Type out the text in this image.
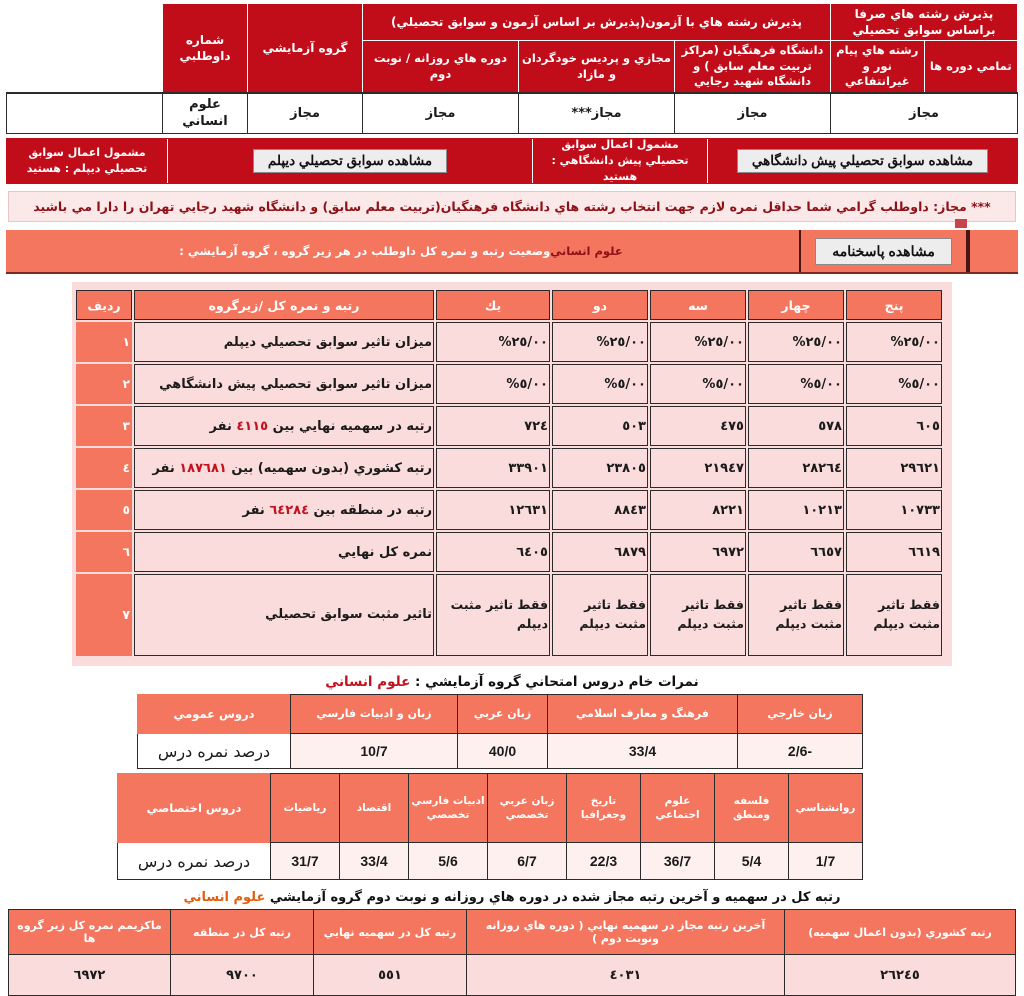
پذيرش رشته هاي صرفا براساس سوابق تحصيلي		پذيرش رشته هاي با آزمون(پذيرش بر اساس آزمون و سوابق تحصيلي)			گروه آزمايشي	شماره داوطلبي	
تمامي دوره ها	رشته هاي پيام نور و غيرانتفاعي	دانشگاه فرهنگيان (مراكز تربيت معلم سابق ) و دانشگاه شهيد رجايي	مجازي و پرديس خودگردان و مازاد	دوره هاي روزانه / نوبت دوم			
مجاز		مجاز	مجاز***	مجاز	مجاز	علوم انساني	
مشاهده سوابق تحصيلي پيش دانشگاهي
مشمول اعمال سوابق تحصيلي پيش دانشگاهي : هستيد
مشاهده سوابق تحصيلي ديپلم
مشمول اعمال سوابق تحصيلي ديپلم : هستيد
*** مجاز: داوطلب گرامي شما حداقل نمره لازم جهت انتخاب رشته هاي دانشگاه فرهنگيان(تربيت معلم سابق) و دانشگاه شهيد رجايي تهران را دارا مي باشيد
مشاهده پاسخنامه
علوم انساني
وضعيت رتبه و نمره كل داوطلب در هر زير گروه ، گروه آزمايشي :
پنج	چهار	سه	دو	يك	رتبه و نمره كل /زيرگروه	رديف
٢٥/٠٠%	٢٥/٠٠%	٢٥/٠٠%	٢٥/٠٠%	٢٥/٠٠%	ميزان تاثير سوابق تحصيلي ديپلم	١
٥/٠٠%	٥/٠٠%	٥/٠٠%	٥/٠٠%	٥/٠٠%	ميزان تاثير سوابق تحصيلي پيش دانشگاهي	٢
٦٠٥	٥٧٨	٤٧٥	٥٠٣	٧٢٤	رتبه در سهميه نهايي بين ٤١١٥ نفر	٣
٢٩٦٢١	٢٨٢٦٤	٢١٩٤٧	٢٣٨٠٥	٣٣٩٠١	رتبه كشوري (بدون سهميه) بين ١٨٧٦٨١ نفر	٤
١٠٧٣٣	١٠٢١٣	٨٢٢١	٨٨٤٣	١٢٦٣١	رتبه در منطقه بين ٦٤٢٨٤ نفر	٥
٦٦١٩	٦٦٥٧	٦٩٧٢	٦٨٧٩	٦٤٠٥	نمره كل نهايي	٦
فقط تاثير مثبت ديپلم	فقط تاثير مثبت ديپلم	فقط تاثير مثبت ديپلم	فقط تاثير مثبت ديپلم	فقط تاثير مثبت ديپلم	تاثير مثبت سوابق تحصيلي	٧
نمرات خام دروس امتحاني گروه آزمايشي : علوم انساني
زبان خارجي	فرهنگ و معارف اسلامي	زبان عربي	زبان و ادبيات فارسي	دروس عمومي
-2/6	33/4	40/0	10/7	درصد نمره درس
روانشناسي	فلسفه ومنطق	علوم اجتماعي	تاريخ وجغرافيا	زبان عربي تخصصي	ادبيات فارسي تخصصي	اقتصاد	رياضيات	دروس اختصاصي
1/7	5/4	36/7	22/3	6/7	5/6	33/4	31/7	درصد نمره درس
رتبه كل در سهميه و آخرين رتبه مجاز شده در دوره هاي روزانه و نوبت دوم گروه آزمايشي علوم انساني
رتبه كشوري (بدون اعمال سهميه)	آخرين رتبه مجاز در سهميه نهايي ( دوره هاي روزانه ونوبت دوم )	رتبه كل در سهميه نهايي	رتبه كل در منطقه	ماكزيمم نمره كل زير گروه ها
٢٦٢٤٥	٤٠٣١	٥٥١	٩٧٠٠	٦٩٧٢
